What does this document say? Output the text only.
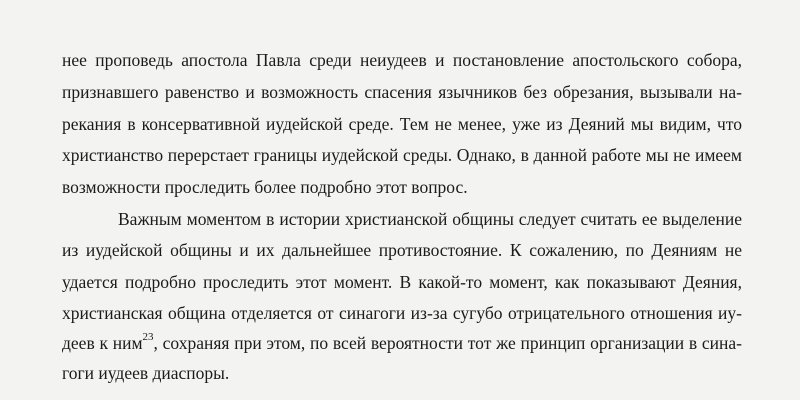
нее проповедь апостола Павла среди неиудеев и постановление апостольского собора,
признавшего равенство и возможность спасения язычников без обрезания, вызывали на-
рекания в консервативной иудейской среде. Тем не менее, уже из Деяний мы видим, что
христианство перерстает границы иудейской среды. Однако, в данной работе мы не имеем
возможности проследить более подробно этот вопрос.
Важным моментом в истории христианской общины следует считать ее выделение
из иудейской общины и их дальнейшее противостояние. К сожалению, по Деяниям не
удается подробно проследить этот момент. В какой-то момент, как показывают Деяния,
христианская община отделяется от синагоги из-за сугубо отрицательного отношения иу-
деев к ним$^{23}$, сохраняя при этом, по всей вероятности тот же принцип организации в сина-
гоги иудеев диаспоры.
